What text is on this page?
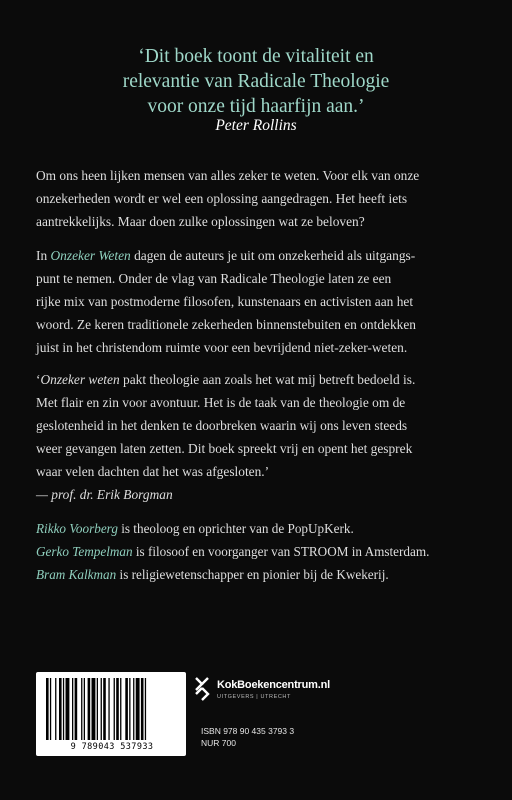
‘Dit boek toont de vitaliteit en
relevantie van Radicale Theologie
voor onze tijd haarfijn aan.’
Peter Rollins
Om ons heen lijken mensen van alles zeker te weten. Voor elk van onze
onzekerheden wordt er wel een oplossing aangedragen. Het heeft iets
aantrekkelijks. Maar doen zulke oplossingen wat ze beloven?
In Onzeker Weten dagen de auteurs je uit om onzekerheid als uitgangs-
punt te nemen. Onder de vlag van Radicale Theologie laten ze een
rijke mix van postmoderne filosofen, kunstenaars en activisten aan het
woord. Ze keren traditionele zekerheden binnenstebuiten en ontdekken
juist in het christendom ruimte voor een bevrijdend niet-zeker-weten.
‘Onzeker weten pakt theologie aan zoals het wat mij betreft bedoeld is.
Met flair en zin voor avontuur. Het is de taak van de theologie om de
geslotenheid in het denken te doorbreken waarin wij ons leven steeds
weer gevangen laten zetten. Dit boek spreekt vrij en opent het gesprek
waar velen dachten dat het was afgesloten.’
— prof. dr. Erik Borgman
Rikko Voorberg is theoloog en oprichter van de PopUpKerk.
Gerko Tempelman is filosoof en voorganger van STROOM in Amsterdam.
Bram Kalkman is religiewetenschapper en pionier bij de Kwekerij.
9 789043 537933
KokBoekencentrum.nl
UITGEVERS | UTRECHT
ISBN 978 90 435 3793 3
NUR 700
